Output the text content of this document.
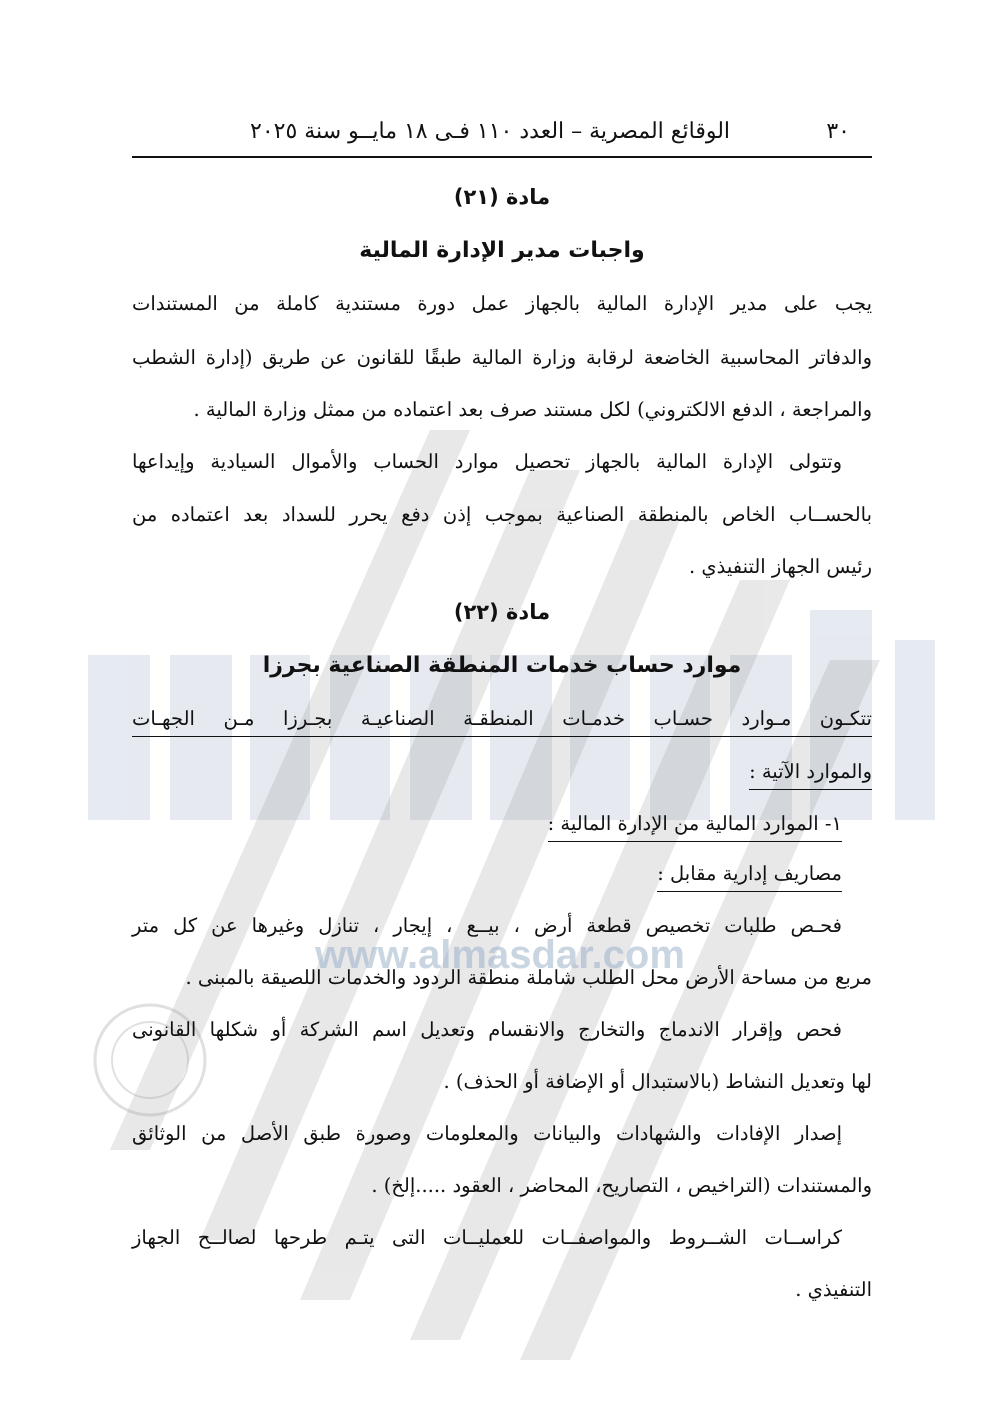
www.almasdar.com
٣٠
الوقائع المصرية – العدد ١١٠ فـى ١٨ مايــو سنة ٢٠٢٥
مادة (٢١)
واجبات مدير الإدارة المالية
يجب على مدير الإدارة المالية بالجهاز عمل دورة مستندية كاملة من المستندات
والدفاتر المحاسبية الخاضعة لرقابة وزارة المالية طبقًا للقانون عن طريق (إدارة الشطب
والمراجعة ، الدفع الالكتروني) لكل مستند صرف بعد اعتماده من ممثل وزارة المالية .
وتتولى الإدارة المالية بالجهاز تحصيل موارد الحساب والأموال السيادية وإيداعها
بالحســاب الخاص بالمنطقة الصناعية بموجب إذن دفع يحرر للسداد بعد اعتماده من
رئيس الجهاز التنفيذي .
مادة (٢٢)
موارد حساب خدمات المنطقة الصناعية بجرزا
تتكـون مـوارد حسـاب خدمـات المنطقـة الصناعيـة بجـرزا مـن الجهـات
والموارد الآتية :
١- الموارد المالية من الإدارة المالية :
مصاريف إدارية مقابل :
فحـص طلبات تخصيص قطعة أرض ، بيــع ، إيجار ، تنازل وغيرها عن كل متر
مربع من مساحة الأرض محل الطلب شاملة منطقة الردود والخدمات اللصيقة بالمبنى .
فحص وإقرار الاندماج والتخارج والانقسام وتعديل اسم الشركة أو شكلها القانونى
لها وتعديل النشاط (بالاستبدال أو الإضافة أو الحذف) .
إصدار الإفادات والشهادات والبيانات والمعلومات وصورة طبق الأصل من الوثائق
والمستندات (التراخيص ، التصاريح، المحاضر ، العقود .....إلخ) .
كراســات الشــروط والمواصفــات للعمليــات التى يتـم طرحها لصالــح الجهاز
التنفيذي .
